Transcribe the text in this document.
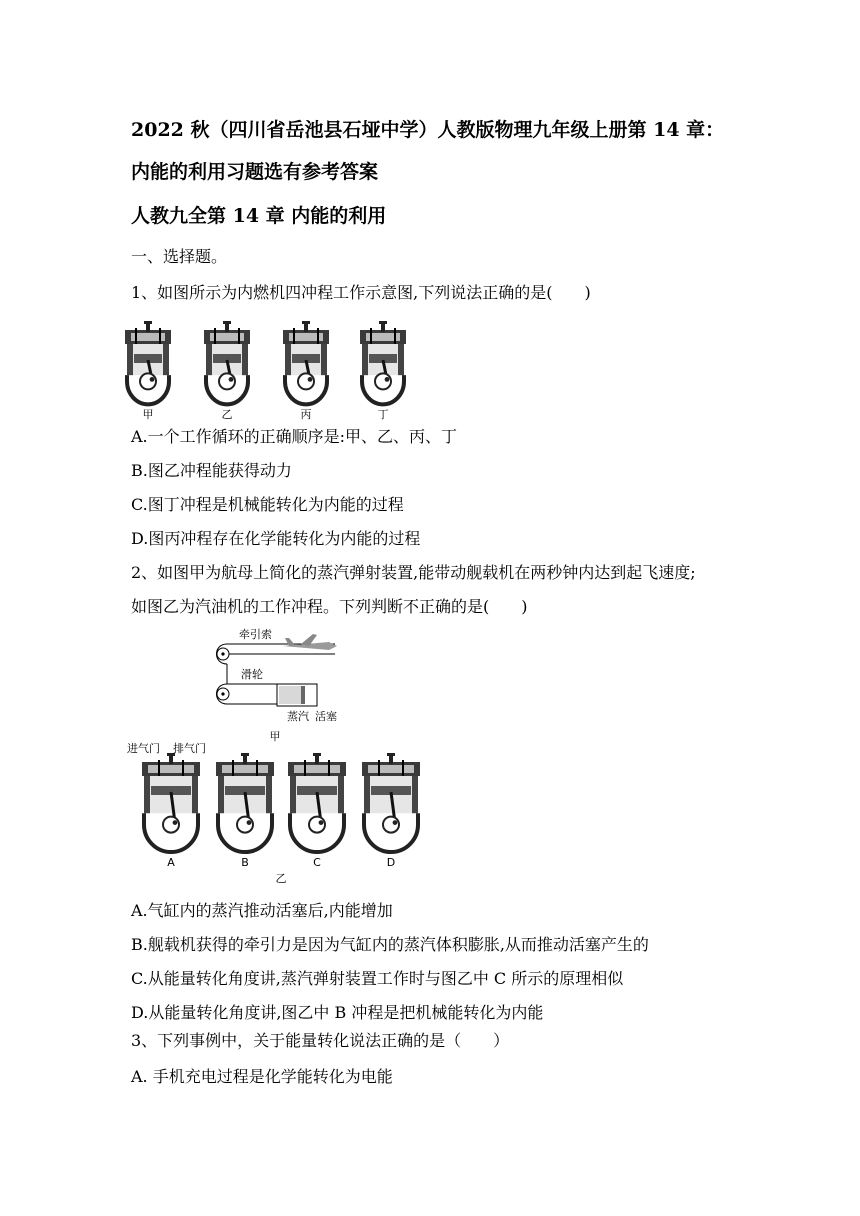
2022 秋（四川省岳池县石垭中学）人教版物理九年级上册第 14 章：
内能的利用习题选有参考答案
人教九全第 14 章 内能的利用
一、选择题。
1、如图所示为内燃机四冲程工作示意图,下列说法正确的是(　　)
甲	乙	丙	丁
A.一个工作循环的正确顺序是:甲、乙、丙、丁
B.图乙冲程能获得动力
C.图丁冲程是机械能转化为内能的过程
D.图丙冲程存在化学能转化为内能的过程
2、如图甲为航母上简化的蒸汽弹射装置,能带动舰载机在两秒钟内达到起飞速度;
如图乙为汽油机的工作冲程。下列判断不正确的是(　　)
牵引索
滑轮
蒸汽 活塞
甲
进气门 排气门
A	B	C	D
乙
A.气缸内的蒸汽推动活塞后,内能增加
B.舰载机获得的牵引力是因为气缸内的蒸汽体积膨胀,从而推动活塞产生的
C.从能量转化角度讲,蒸汽弹射装置工作时与图乙中 C 所示的原理相似
D.从能量转化角度讲,图乙中 B 冲程是把机械能转化为内能
3、下列事例中，关于能量转化说法正确的是（　　）
A. 手机充电过程是化学能转化为电能
